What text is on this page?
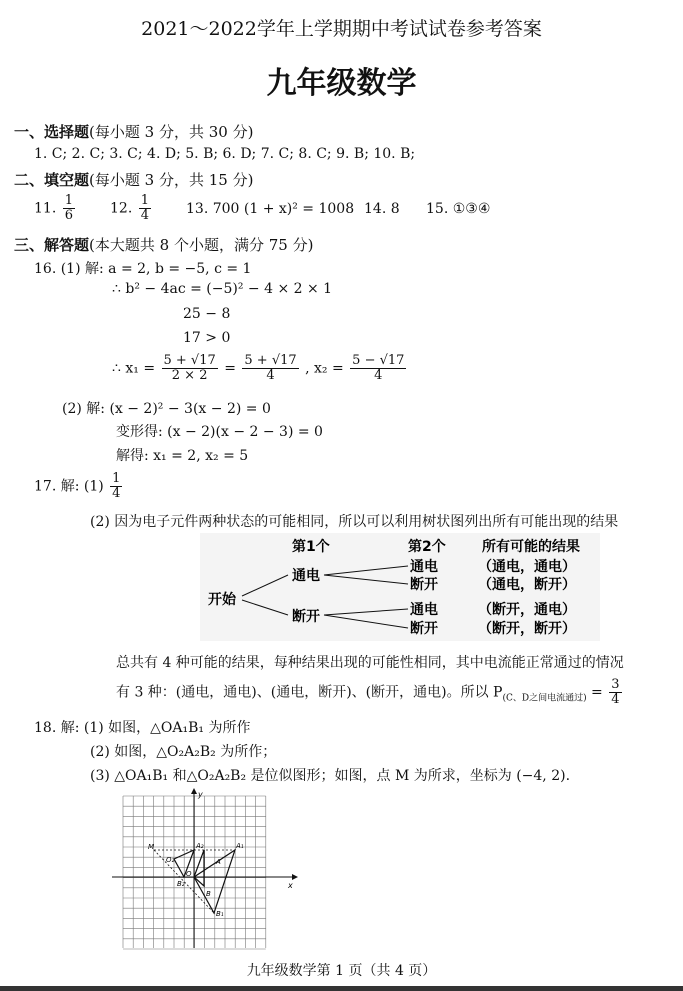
2021～2022学年上学期期中考试试卷参考答案
九年级数学
一、选择题(每小题 3 分，共 30 分)
1. C; 2. C; 3. C; 4. D; 5. B; 6. D; 7. C; 8. C; 9. B; 10. B;
二、填空题(每小题 3 分，共 15 分)
11. $\frac{1}{6}$	12. $\frac{1}{4}$	13. 700 (1 + x)² = 1008 14. 8 15. ①③④
三、解答题(本大题共 8 个小题，满分 75 分)
16. (1) 解: a = 2, b = −5, c = 1
∴ b² − 4ac = (−5)² − 4 × 2 × 1
25 − 8
17 > 0
∴ $x_1 = \frac{5 + √17}{2 \times 2} = \frac{5 + √17}{4}$ , $x_2 = \frac{5 - √17}{4}$
(2) 解: (x − 2)² − 3(x − 2) = 0
变形得: (x − 2)(x − 2 − 3) = 0
解得: x₁ = 2, x₂ = 5
17. 解: $(1) \frac{1}{4}$
(2) 因为电子元件两种状态的可能相同，所以可以利用树状图列出所有可能出现的结果
第1个	第2个	所有可能的结果
开始
通电
断开
通电
断开
通电
断开
（通电，通电）
（通电，断开）
（断开，通电）
（断开，断开）
总共有 4 种可能的结果，每种结果出现的可能性相同，其中电流能正常通过的情况
有 3 种：(通电，通电)、(通电，断开)、(断开，通电)。所以 $P_{(C、D之间电流通过)} = \frac{3}{4}$
18. 解: (1) 如图，△OA₁B₁ 为所作
(2) 如图，△O₂A₂B₂ 为所作；
(3) △OA₁B₁ 和△O₂A₂B₂ 是位似图形；如图，点 M 为所求，坐标为 (−4, 2).
x
y
M
O₂
A₂
B₂
O
A₁
A
B
B₁
九年级数学第 1 页（共 4 页）
